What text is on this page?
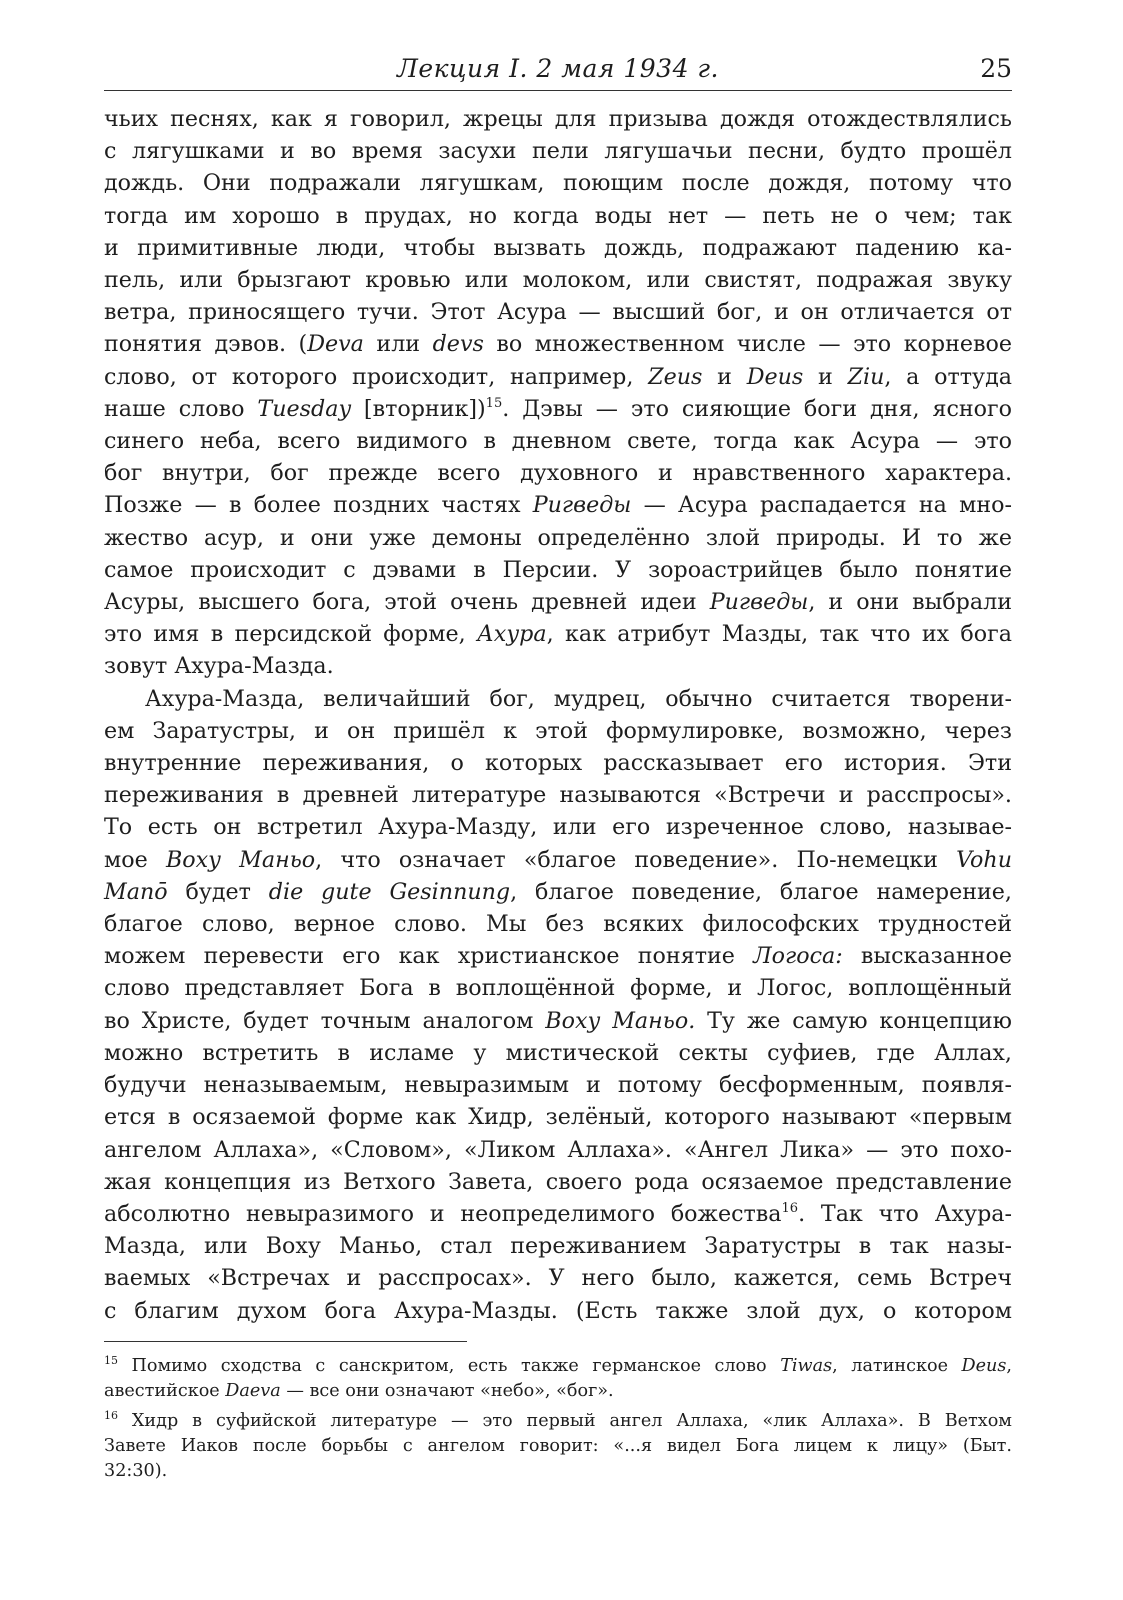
Лекция I. 2 мая 1934 г.	25
чьих песнях, как я говорил, жрецы для призыва дождя отождествлялись
с лягушками и во время засухи пели лягушачьи песни, будто прошёл
дождь. Они подражали лягушкам, поющим после дождя, потому что
тогда им хорошо в прудах, но когда воды нет — петь не о чем; так
и примитивные люди, чтобы вызвать дождь, подражают падению ка-
пель, или брызгают кровью или молоком, или свистят, подражая звуку
ветра, приносящего тучи. Этот Асура — высший бог, и он отличается от
понятия дэвов. (Deva или devs во множественном числе — это корневое
слово, от которого происходит, например, Zeus и Deus и Ziu, а оттуда
наше слово Tuesday [вторник])$^{15}$. Дэвы — это сияющие боги дня, ясного
синего неба, всего видимого в дневном свете, тогда как Асура — это
бог внутри, бог прежде всего духовного и нравственного характера.
Позже — в более поздних частях Ригведы — Асура распадается на мно-
жество асур, и они уже демоны определённо злой природы. И то же
самое происходит с дэвами в Персии. У зороастрийцев было понятие
Асуры, высшего бога, этой очень древней идеи Ригведы, и они выбрали
это имя в персидской форме, Ахура, как атрибут Мазды, так что их бога
зовут Ахура-Мазда.
Ахура-Мазда, величайший бог, мудрец, обычно считается творени-
ем Заратустры, и он пришёл к этой формулировке, возможно, через
внутренние переживания, о которых рассказывает его история. Эти
переживания в древней литературе называются «Встречи и расспросы».
То есть он встретил Ахура-Мазду, или его изреченное слово, называе-
мое Воху Маньо, что означает «благое поведение». По-немецки Vohu
Manō будет die gute Gesinnung, благое поведение, благое намерение,
благое слово, верное слово. Мы без всяких философских трудностей
можем перевести его как христианское понятие Логоса: высказанное
слово представляет Бога в воплощённой форме, и Логос, воплощённый
во Христе, будет точным аналогом Воху Маньо. Ту же самую концепцию
можно встретить в исламе у мистической секты суфиев, где Аллах,
будучи неназываемым, невыразимым и потому бесформенным, появля-
ется в осязаемой форме как Хидр, зелёный, которого называют «первым
ангелом Аллаха», «Словом», «Ликом Аллаха». «Ангел Лика» — это похо-
жая концепция из Ветхого Завета, своего рода осязаемое представление
абсолютно невыразимого и неопределимого божества$^{16}$. Так что Ахура-
Мазда, или Воху Маньо, стал переживанием Заратустры в так назы-
ваемых «Встречах и расспросах». У него было, кажется, семь Встреч
с благим духом бога Ахура-Мазды. (Есть также злой дух, о котором
$^{15}$ Помимо сходства с санскритом, есть также германское слово Tiwas, латинское Deus,
авестийское Daeva — все они означают «небо», «бог».
$^{16}$ Хидр в суфийской литературе — это первый ангел Аллаха, «лик Аллаха». В Ветхом
Завете Иаков после борьбы с ангелом говорит: «...я видел Бога лицем к лицу» (Быт.
32:30).
